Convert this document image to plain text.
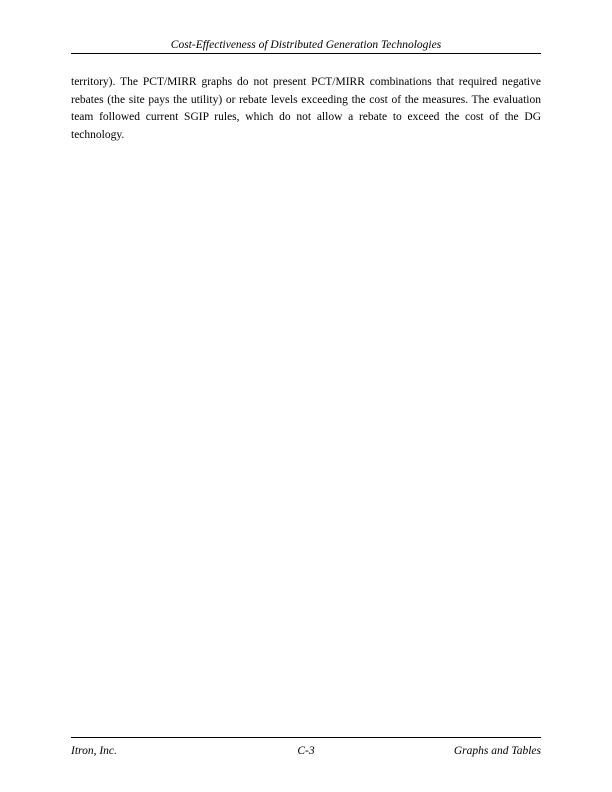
Cost-Effectiveness of Distributed Generation Technologies

territory). The PCT/MIRR graphs do not present PCT/MIRR combinations that required negative rebates (the site pays the utility) or rebate levels exceeding the cost of the measures. The evaluation team followed current SGIP rules, which do not allow a rebate to exceed the cost of the DG technology.

Itron, Inc.	C-3	Graphs and Tables
